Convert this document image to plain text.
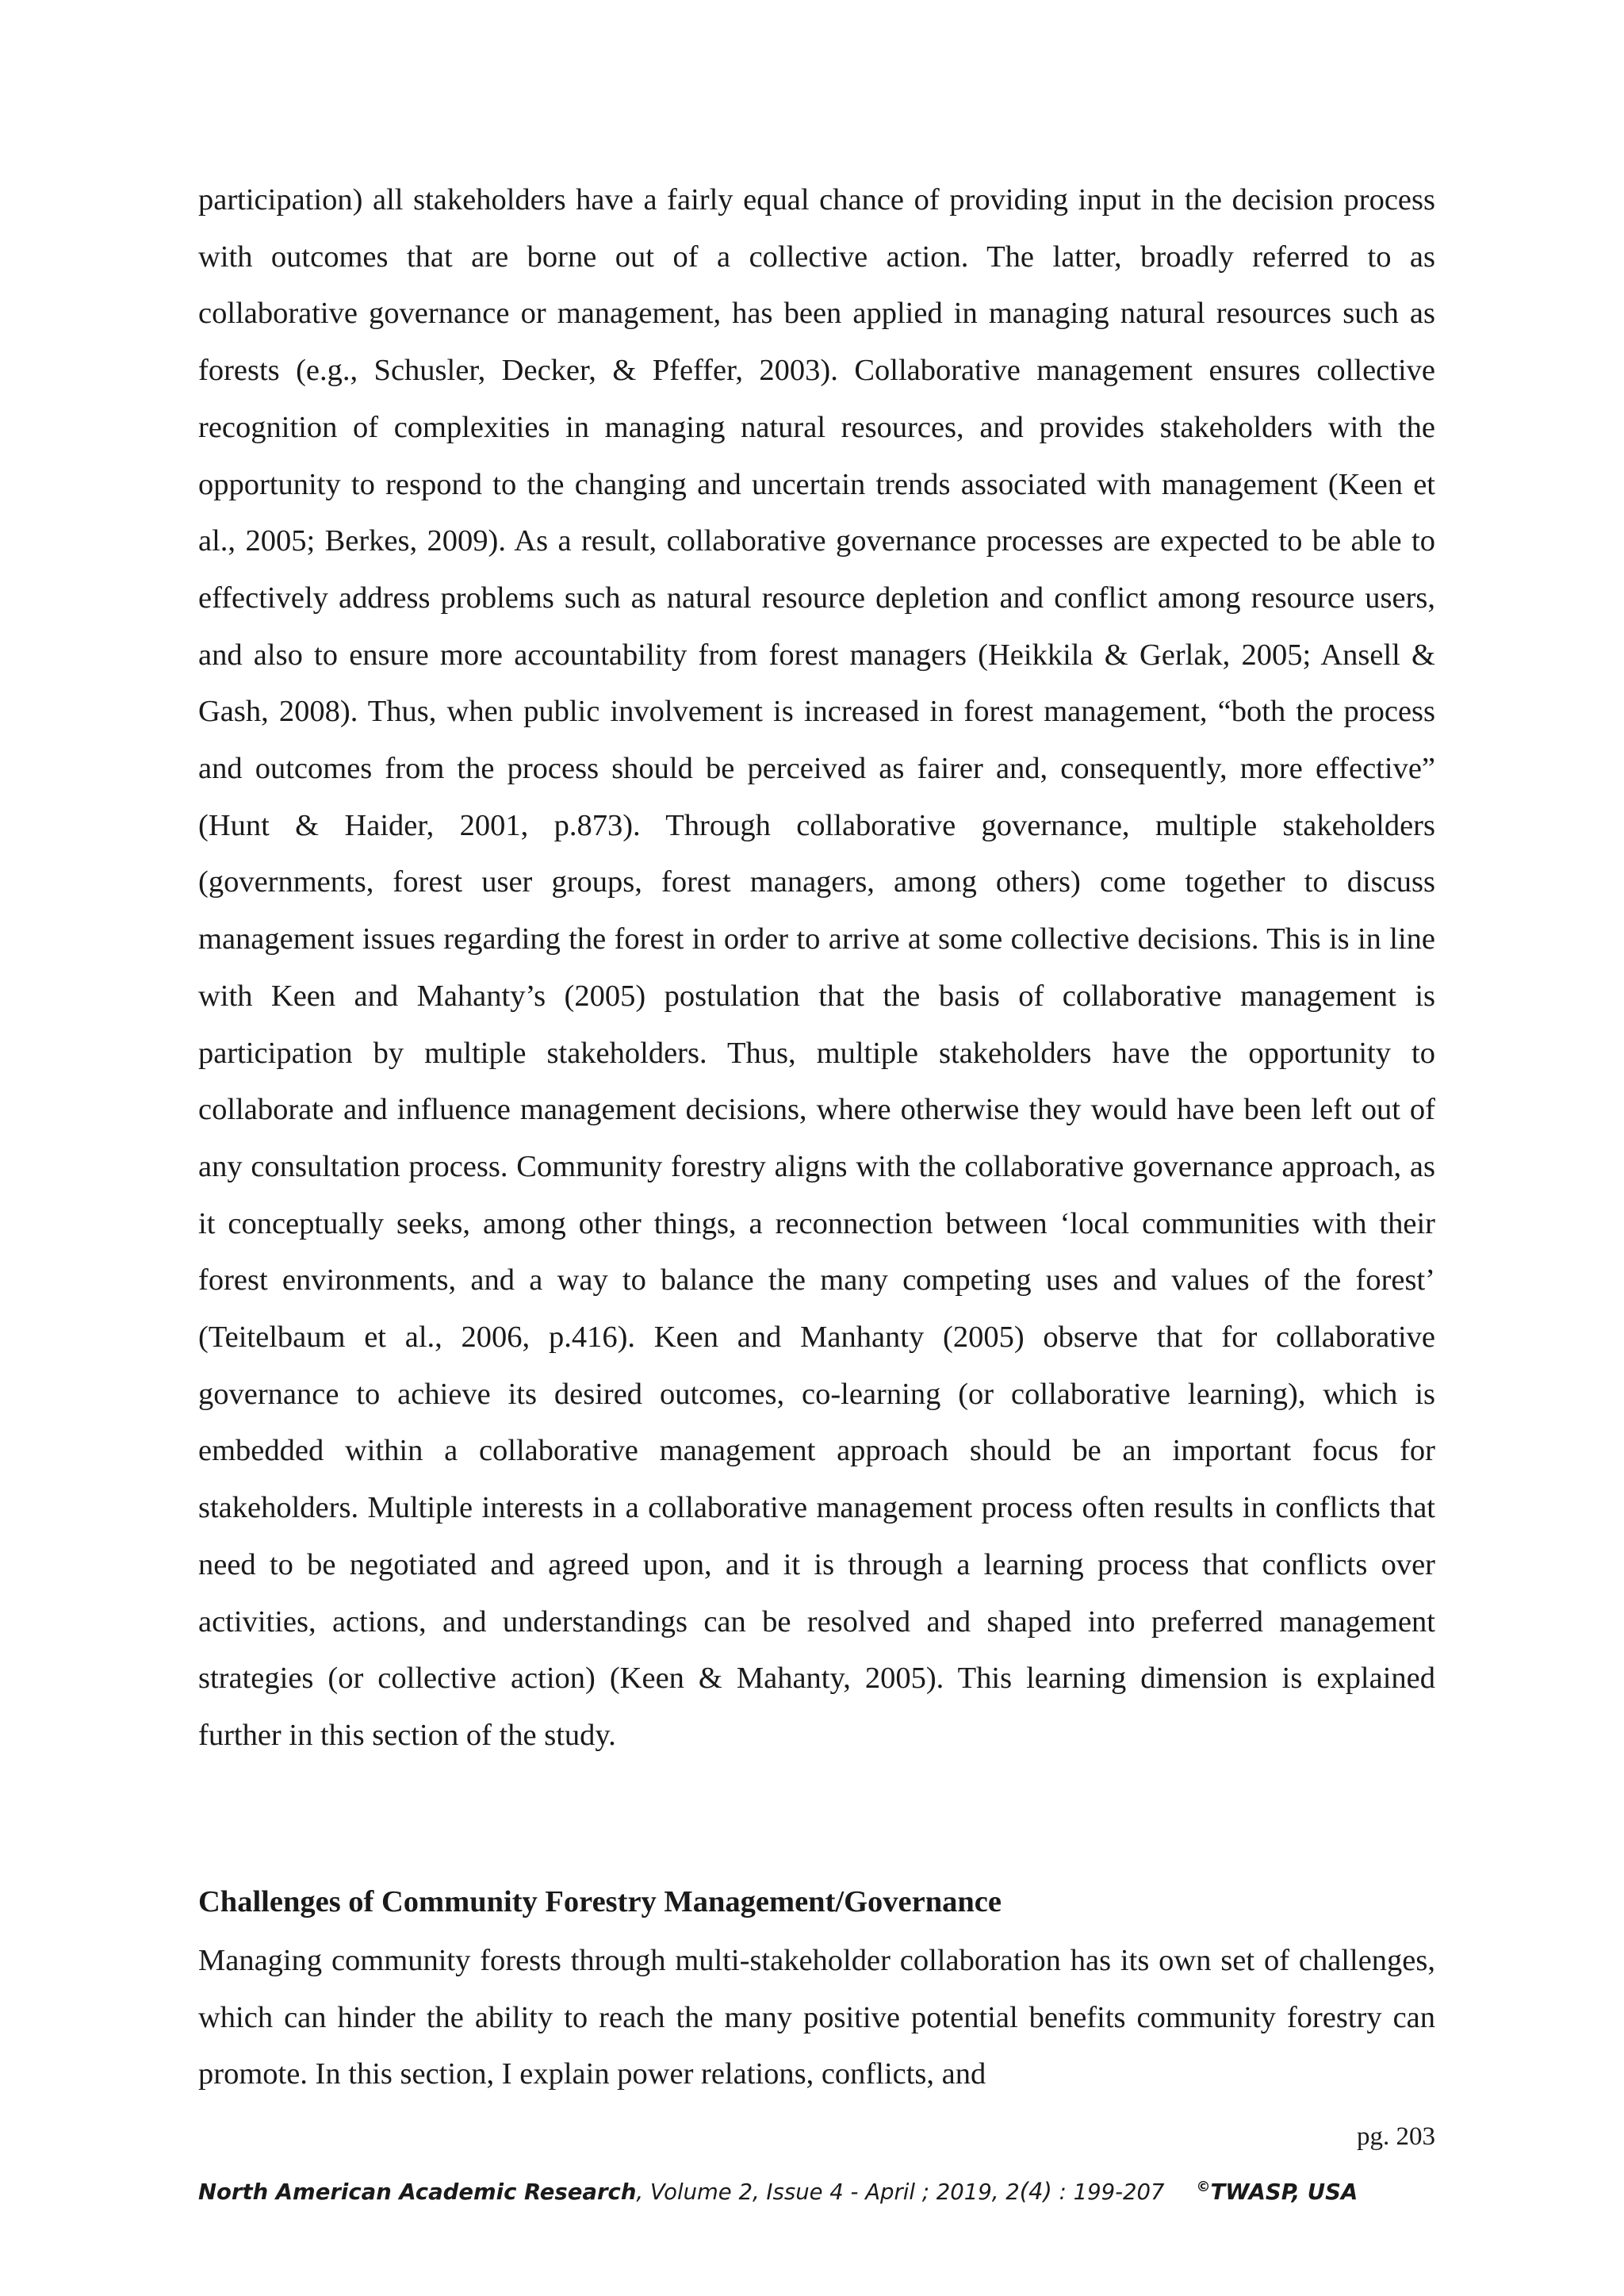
participation) all stakeholders have a fairly equal chance of providing input in the decision process with outcomes that are borne out of a collective action. The latter, broadly referred to as collaborative governance or management, has been applied in managing natural resources such as forests (e.g., Schusler, Decker, & Pfeffer, 2003). Collaborative management ensures collective recognition of complexities in managing natural resources, and provides stakeholders with the opportunity to respond to the changing and uncertain trends associated with management (Keen et al., 2005; Berkes, 2009). As a result, collaborative governance processes are expected to be able to effectively address problems such as natural resource depletion and conflict among resource users, and also to ensure more accountability from forest managers (Heikkila & Gerlak, 2005; Ansell & Gash, 2008). Thus, when public involvement is increased in forest management, “both the process and outcomes from the process should be perceived as fairer and, consequently, more effective” (Hunt & Haider, 2001, p.873). Through collaborative governance, multiple stakeholders (governments, forest user groups, forest managers, among others) come together to discuss management issues regarding the forest in order to arrive at some collective decisions. This is in line with Keen and Mahanty’s (2005) postulation that the basis of collaborative management is participation by multiple stakeholders. Thus, multiple stakeholders have the opportunity to collaborate and influence management decisions, where otherwise they would have been left out of any consultation process. Community forestry aligns with the collaborative governance approach, as it conceptually seeks, among other things, a reconnection between ‘local communities with their forest environments, and a way to balance the many competing uses and values of the forest’ (Teitelbaum et al., 2006, p.416). Keen and Manhanty (2005) observe that for collaborative governance to achieve its desired outcomes, co-learning (or collaborative learning), which is embedded within a collaborative management approach should be an important focus for stakeholders. Multiple interests in a collaborative management process often results in conflicts that need to be negotiated and agreed upon, and it is through a learning process that conflicts over activities, actions, and understandings can be resolved and shaped into preferred management strategies (or collective action) (Keen & Mahanty, 2005). This learning dimension is explained further in this section of the study.

Challenges of Community Forestry Management/Governance

Managing community forests through multi-stakeholder collaboration has its own set of challenges, which can hinder the ability to reach the many positive potential benefits community forestry can promote. In this section, I explain power relations, conflicts, and

pg. 203
North American Academic Research, Volume 2, Issue 4 - April ; 2019, 2(4) : 199-207 ©TWASP, USA
